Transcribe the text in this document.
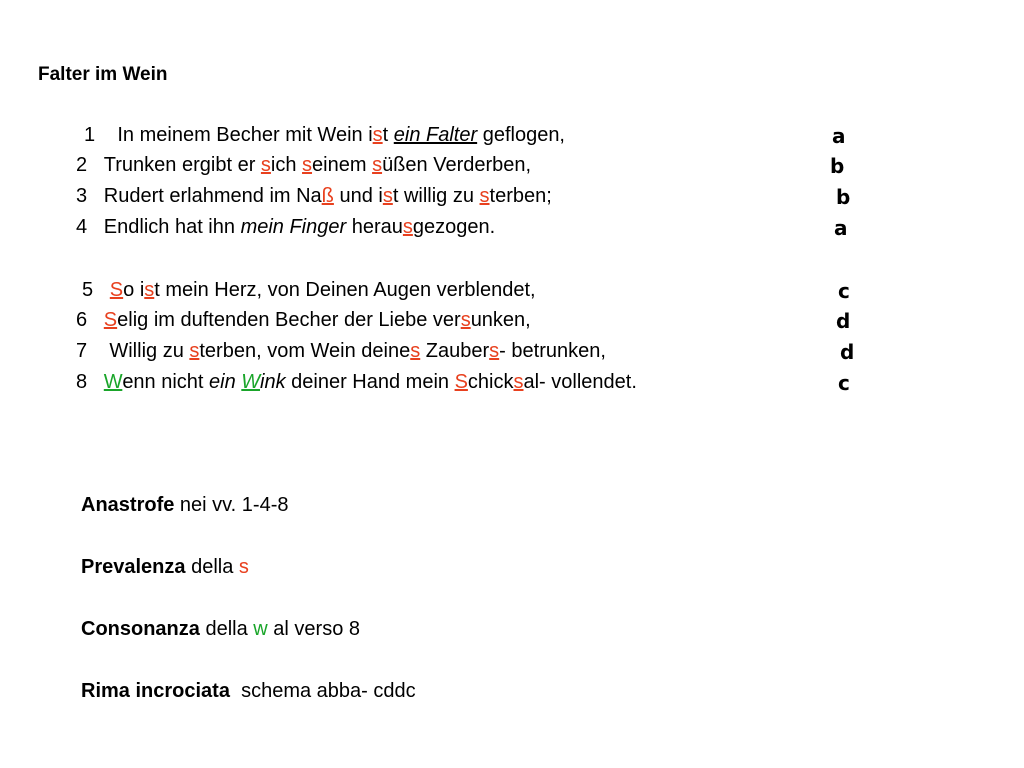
Falter im Wein
1 In meinem Becher mit Wein ist ein Falter geflogen,	a
2 Trunken ergibt er sich seinem süßen Verderben,	b
3 Rudert erlahmend im Naß und ist willig zu sterben;	b
4 Endlich hat ihn mein Finger herausgezogen.	a
5 So ist mein Herz, von Deinen Augen verblendet,	c
6 Selig im duftenden Becher der Liebe versunken,	d
7 Willig zu sterben, vom Wein deines Zaubers- betrunken,	d
8 Wenn nicht ein Wink deiner Hand mein Schicksal- vollendet.	c
Anastrofe nei vv. 1-4-8
Prevalenza della s
Consonanza della w al verso 8
Rima incrociata  schema abba- cddc
